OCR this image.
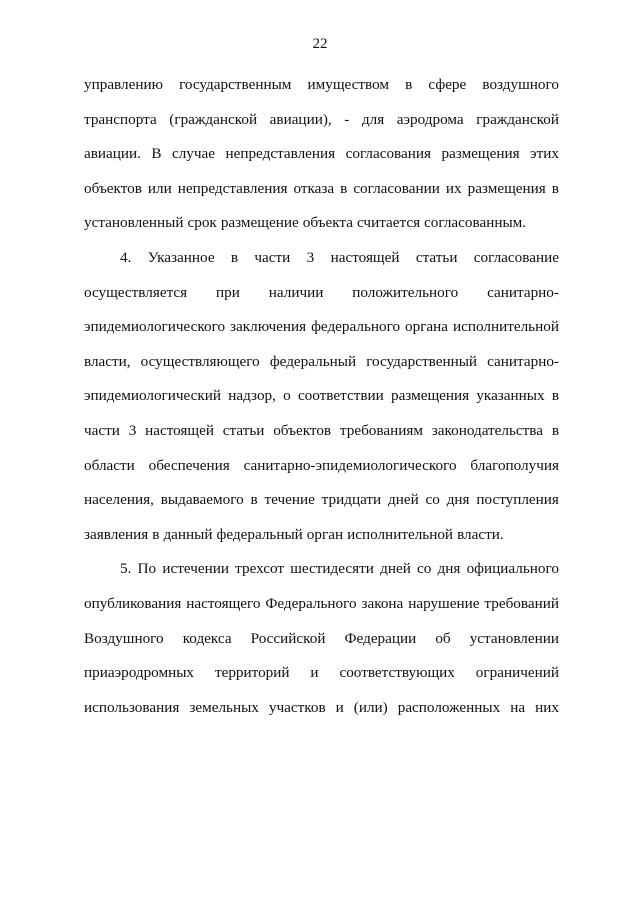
22
управлению государственным имуществом в сфере воздушного
транспорта (гражданской авиации), - для аэродрома гражданской
авиации. В случае непредставления согласования размещения этих
объектов или непредставления отказа в согласовании их размещения в
установленный срок размещение объекта считается согласованным.
4. Указанное в части 3 настоящей статьи согласование
осуществляется при наличии положительного санитарно-
эпидемиологического заключения федерального органа исполнительной
власти, осуществляющего федеральный государственный санитарно-
эпидемиологический надзор, о соответствии размещения указанных в
части 3 настоящей статьи объектов требованиям законодательства в
области обеспечения санитарно-эпидемиологического благополучия
населения, выдаваемого в течение тридцати дней со дня поступления
заявления в данный федеральный орган исполнительной власти.
5. По истечении трехсот шестидесяти дней со дня официального
опубликования настоящего Федерального закона нарушение требований
Воздушного кодекса Российской Федерации об установлении
приаэродромных территорий и соответствующих ограничений
использования земельных участков и (или) расположенных на них
